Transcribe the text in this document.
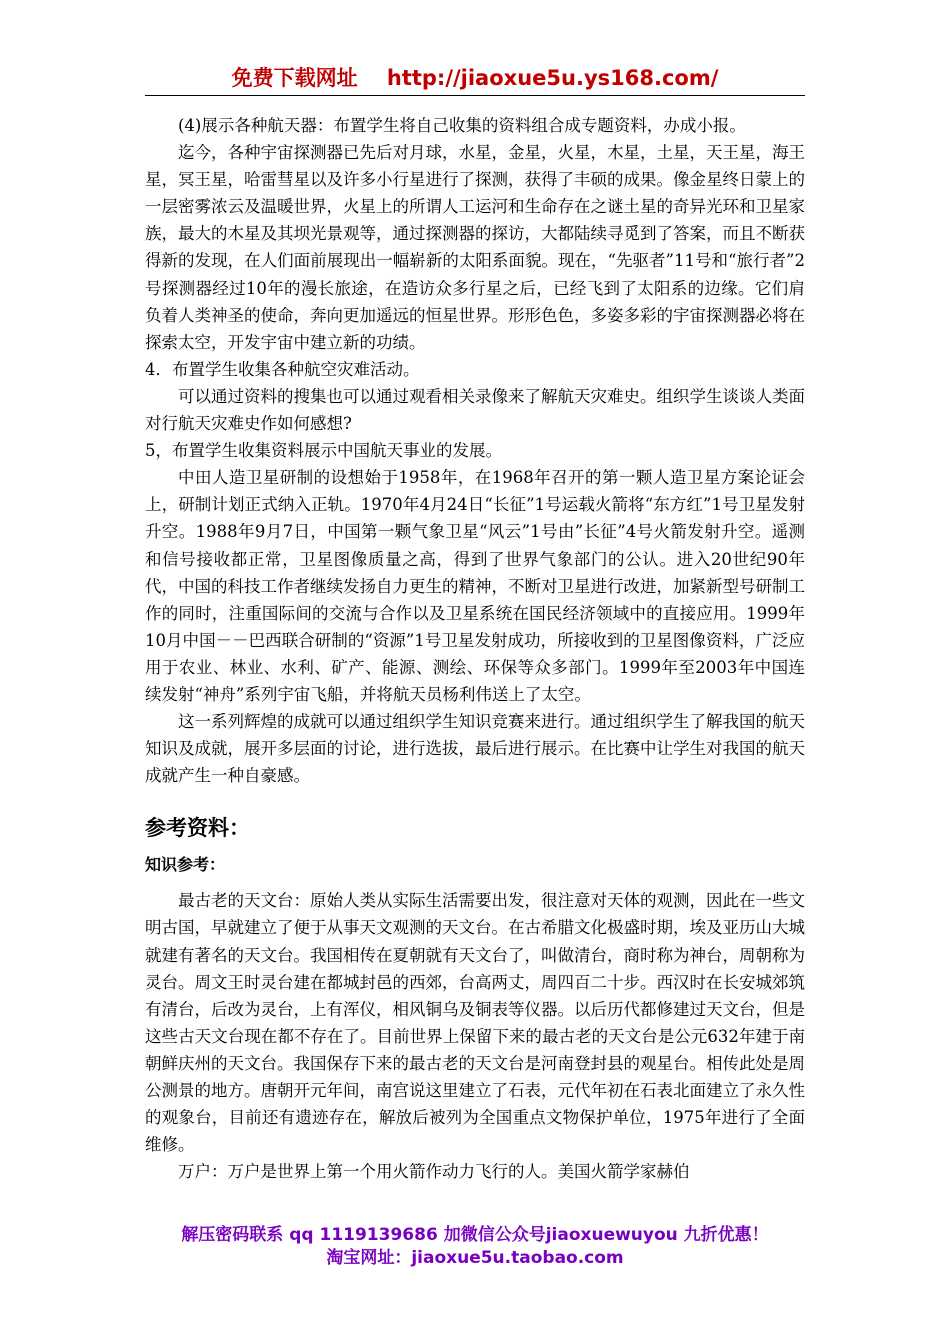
免费下载网址    http://jiaoxue5u.ys168.com/

(4)展示各种航天器：布置学生将自己收集的资料组合成专题资料，办成小报。

迄今，各种宇宙探测器已先后对月球，水星，金星，火星，木星，土星，天王星，海王星，冥王星，哈雷彗星以及许多小行星进行了探测，获得了丰硕的成果。像金星终日蒙上的一层密雾浓云及温暖世界，火星上的所谓人工运河和生命存在之谜土星的奇异光环和卫星家族，最大的木星及其坝光景观等，通过探测器的探访，大都陆续寻觅到了答案，而且不断获得新的发现，在人们面前展现出一幅崭新的太阳系面貌。现在，“先驱者”11号和“旅行者”2号探测器经过10年的漫长旅途，在造访众多行星之后，已经飞到了太阳系的边缘。它们肩负着人类神圣的使命，奔向更加遥远的恒星世界。形形色色，多姿多彩的宇宙探测器必将在探索太空，开发宇宙中建立新的功绩。

4．布置学生收集各种航空灾难活动。

可以通过资料的搜集也可以通过观看相关录像来了解航天灾难史。组织学生谈谈人类面对行航天灾难史作如何感想?

5，布置学生收集资料展示中国航天事业的发展。

中田人造卫星研制的设想始于1958年，在1968年召开的第一颗人造卫星方案论证会上，研制计划正式纳入正轨。1970年4月24日“长征”1号运载火箭将“东方红”1号卫星发射升空。1988年9月7日，中国第一颗气象卫星“风云”1号由”长征”4号火箭发射升空。遥测和信号接收都正常，卫星图像质量之高，得到了世界气象部门的公认。进入20世纪90年代，中国的科技工作者继续发扬自力更生的精神，不断对卫星进行改进，加紧新型号研制工作的同时，注重国际间的交流与合作以及卫星系统在国民经济领域中的直接应用。1999年10月中国－－巴西联合研制的“资源”1号卫星发射成功，所接收到的卫星图像资料，广泛应用于农业、林业、水利、矿产、能源、测绘、环保等众多部门。1999年至2003年中国连续发射“神舟”系列宇宙飞船，并将航天员杨利伟送上了太空。

这一系列辉煌的成就可以通过组织学生知识竞赛来进行。通过组织学生了解我国的航天知识及成就，展开多层面的讨论，进行选拔，最后进行展示。在比赛中让学生对我国的航天成就产生一种自豪感。

参考资料：

知识参考：

最古老的天文台：原始人类从实际生活需要出发，很注意对天体的观测，因此在一些文明古国，早就建立了便于从事天文观测的天文台。在古希腊文化极盛时期，埃及亚历山大城就建有著名的天文台。我国相传在夏朝就有天文台了，叫做清台，商时称为神台，周朝称为灵台。周文王时灵台建在都城封邑的西郊，台高两丈，周四百二十步。西汉时在长安城郊筑有清台，后改为灵台，上有浑仪，相风铜乌及铜表等仪器。以后历代都修建过天文台，但是这些古天文台现在都不存在了。目前世界上保留下来的最古老的天文台是公元632年建于南朝鲜庆州的天文台。我国保存下来的最古老的天文台是河南登封县的观星台。相传此处是周公测景的地方。唐朝开元年间，南宫说这里建立了石表，元代年初在石表北面建立了永久性的观象台，目前还有遗迹存在，解放后被列为全国重点文物保护单位，1975年进行了全面维修。

万户：万户是世界上第一个用火箭作动力飞行的人。美国火箭学家赫伯

解压密码联系 qq 1119139686 加微信公众号jiaoxuewuyou 九折优惠！
淘宝网址：jiaoxue5u.taobao.com
